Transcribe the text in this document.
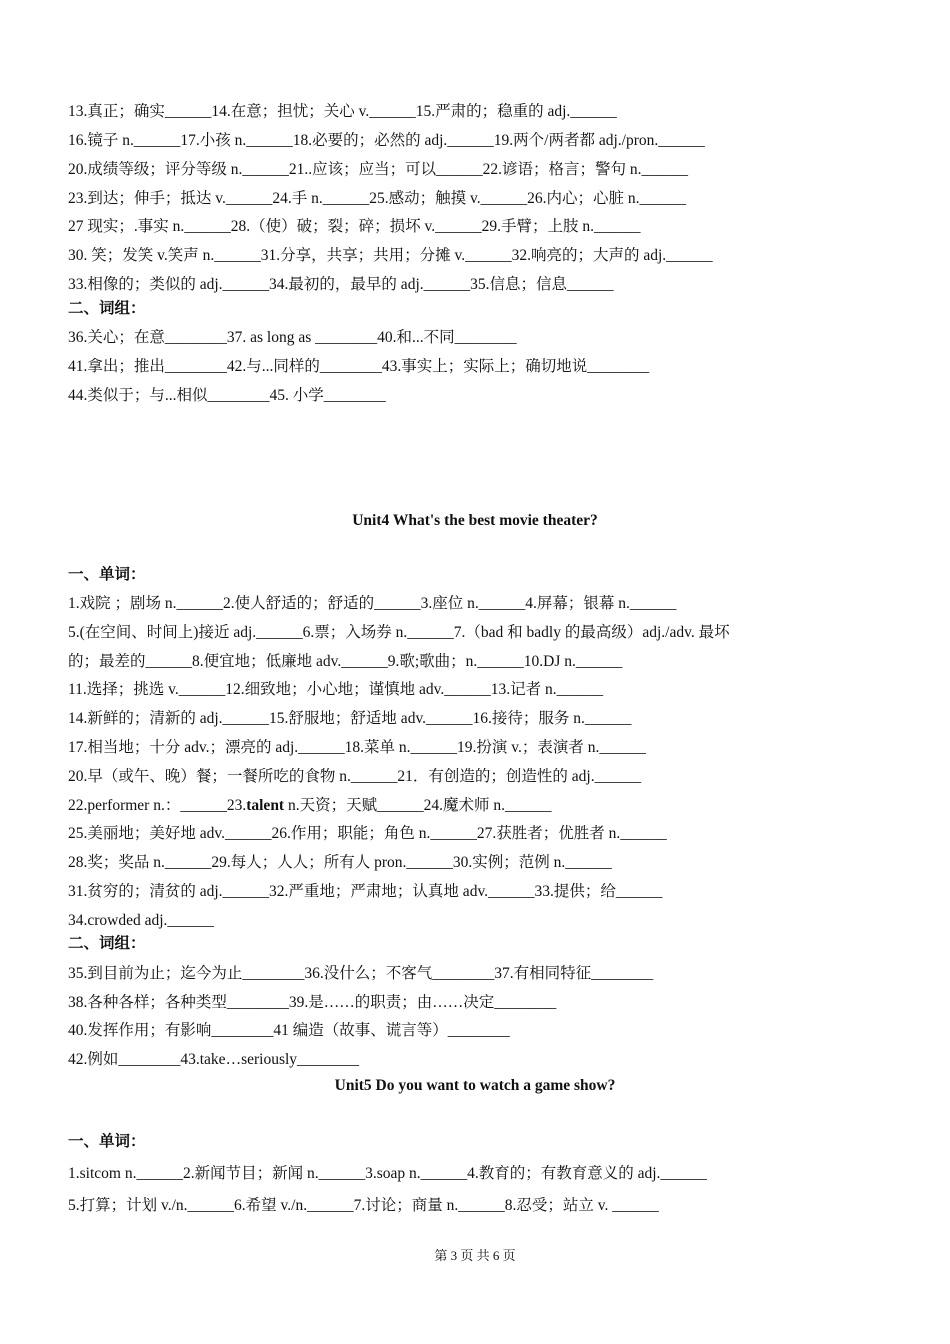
13.真正；确实______14.在意；担忧；关心 v.______15.严肃的；稳重的 adj.______
16.镜子 n.______17.小孩 n.______18.必要的；必然的 adj.______19.两个/两者都 adj./pron.______
20.成绩等级；评分等级 n.______21..应该；应当；可以______22.谚语；格言；警句 n.______
23.到达；伸手；抵达 v.______24.手 n.______25.感动；触摸 v.______26.内心；心脏 n.______
27 现实；.事实 n.______28.（使）破；裂；碎；损坏 v.______29.手臂；上肢 n.______
30. 笑；发笑 v.笑声 n.______31.分享，共享；共用；分摊 v.______32.响亮的；大声的 adj.______
33.相像的；类似的 adj.______34.最初的，最早的 adj.______35.信息；信息______
二、词组：
36.关心；在意________37. as long as ________40.和...不同________
41.拿出；推出________42.与...同样的________43.事实上；实际上；确切地说________
44.类似于；与...相似________45. 小学________
Unit4 What's the best movie theater?
一、单词：
1.戏院 ；剧场 n.______2.使人舒适的；舒适的______3.座位 n.______4.屏幕；银幕 n.______
5.(在空间、时间上)接近 adj.______6.票；入场券 n.______7.（bad 和 badly 的最高级）adj./adv. 最坏
的；最差的______8.便宜地；低廉地 adv.______9.歌;歌曲；n.______10.DJ n.______
11.选择；挑选 v.______12.细致地；小心地；谨慎地 adv.______13.记者 n.______
14.新鲜的；清新的 adj.______15.舒服地；舒适地 adv.______16.接待；服务 n.______
17.相当地；十分 adv.；漂亮的 adj.______18.菜单 n.______19.扮演 v.；表演者 n.______
20.早（或午、晚）餐；一餐所吃的食物 n.______21．有创造的；创造性的 adj.______
22.performer n.：______23.talent n.天资；天赋______24.魔术师 n.______
25.美丽地；美好地 adv.______26.作用；职能；角色 n.______27.获胜者；优胜者 n.______
28.奖；奖品 n.______29.每人；人人；所有人 pron.______30.实例；范例 n.______
31.贫穷的；清贫的 adj.______32.严重地；严肃地；认真地 adv.______33.提供；给______
34.crowded adj.______
二、词组：
35.到目前为止；迄今为止________36.没什么；不客气________37.有相同特征________
38.各种各样；各种类型________39.是……的职责；由……决定________
40.发挥作用；有影响________41 编造（故事、谎言等）________
42.例如________43.take…seriously________
Unit5 Do you want to watch a game show?
一、单词：
1.sitcom n.______2.新闻节目；新闻 n.______3.soap n.______4.教育的；有教育意义的 adj.______
5.打算；计划 v./n.______6.希望 v./n.______7.讨论；商量 n.______8.忍受；站立 v. ______
第 3 页 共 6 页
